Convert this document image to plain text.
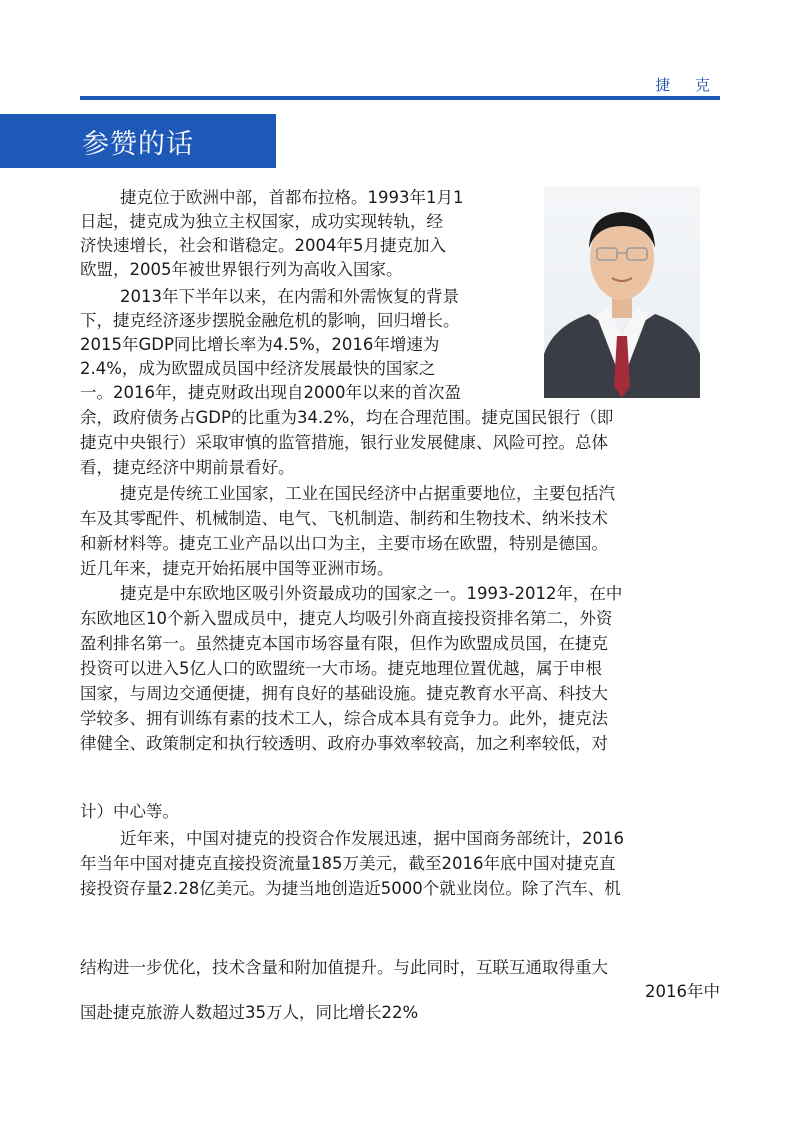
捷 克
参赞的话
捷克位于欧洲中部，首都布拉格。1993年1月1
日起，捷克成为独立主权国家，成功实现转轨，经
济快速增长，社会和谐稳定。2004年5月捷克加入
欧盟，2005年被世界银行列为高收入国家。
2013年下半年以来，在内需和外需恢复的背景
下，捷克经济逐步摆脱金融危机的影响，回归增长。
2015年GDP同比增长率为4.5%，2016年增速为
2.4%，成为欧盟成员国中经济发展最快的国家之
一。2016年，捷克财政出现自2000年以来的首次盈
余，政府债务占GDP的比重为34.2%，均在合理范围。捷克国民银行（即
捷克中央银行）采取审慎的监管措施，银行业发展健康、风险可控。总体
看，捷克经济中期前景看好。
捷克是传统工业国家，工业在国民经济中占据重要地位，主要包括汽
车及其零配件、机械制造、电气、飞机制造、制药和生物技术、纳米技术
和新材料等。捷克工业产品以出口为主，主要市场在欧盟，特别是德国。
近几年来，捷克开始拓展中国等亚洲市场。
捷克是中东欧地区吸引外资最成功的国家之一。1993-2012年，在中
东欧地区10个新入盟成员中，捷克人均吸引外商直接投资排名第二，外资
盈利排名第一。虽然捷克本国市场容量有限，但作为欧盟成员国，在捷克
投资可以进入5亿人口的欧盟统一大市场。捷克地理位置优越，属于申根
国家，与周边交通便捷，拥有良好的基础设施。捷克教育水平高、科技大
学较多、拥有训练有素的技术工人，综合成本具有竞争力。此外，捷克法
律健全、政策制定和执行较透明、政府办事效率较高，加之利率较低，对
计）中心等。
近年来，中国对捷克的投资合作发展迅速，据中国商务部统计，2016
年当年中国对捷克直接投资流量185万美元，截至2016年底中国对捷克直
接投资存量2.28亿美元。为捷当地创造近5000个就业岗位。除了汽车、机
结构进一步优化，技术含量和附加值提升。与此同时，互联互通取得重大
2016年中
国赴捷克旅游人数超过35万人，同比增长22%
